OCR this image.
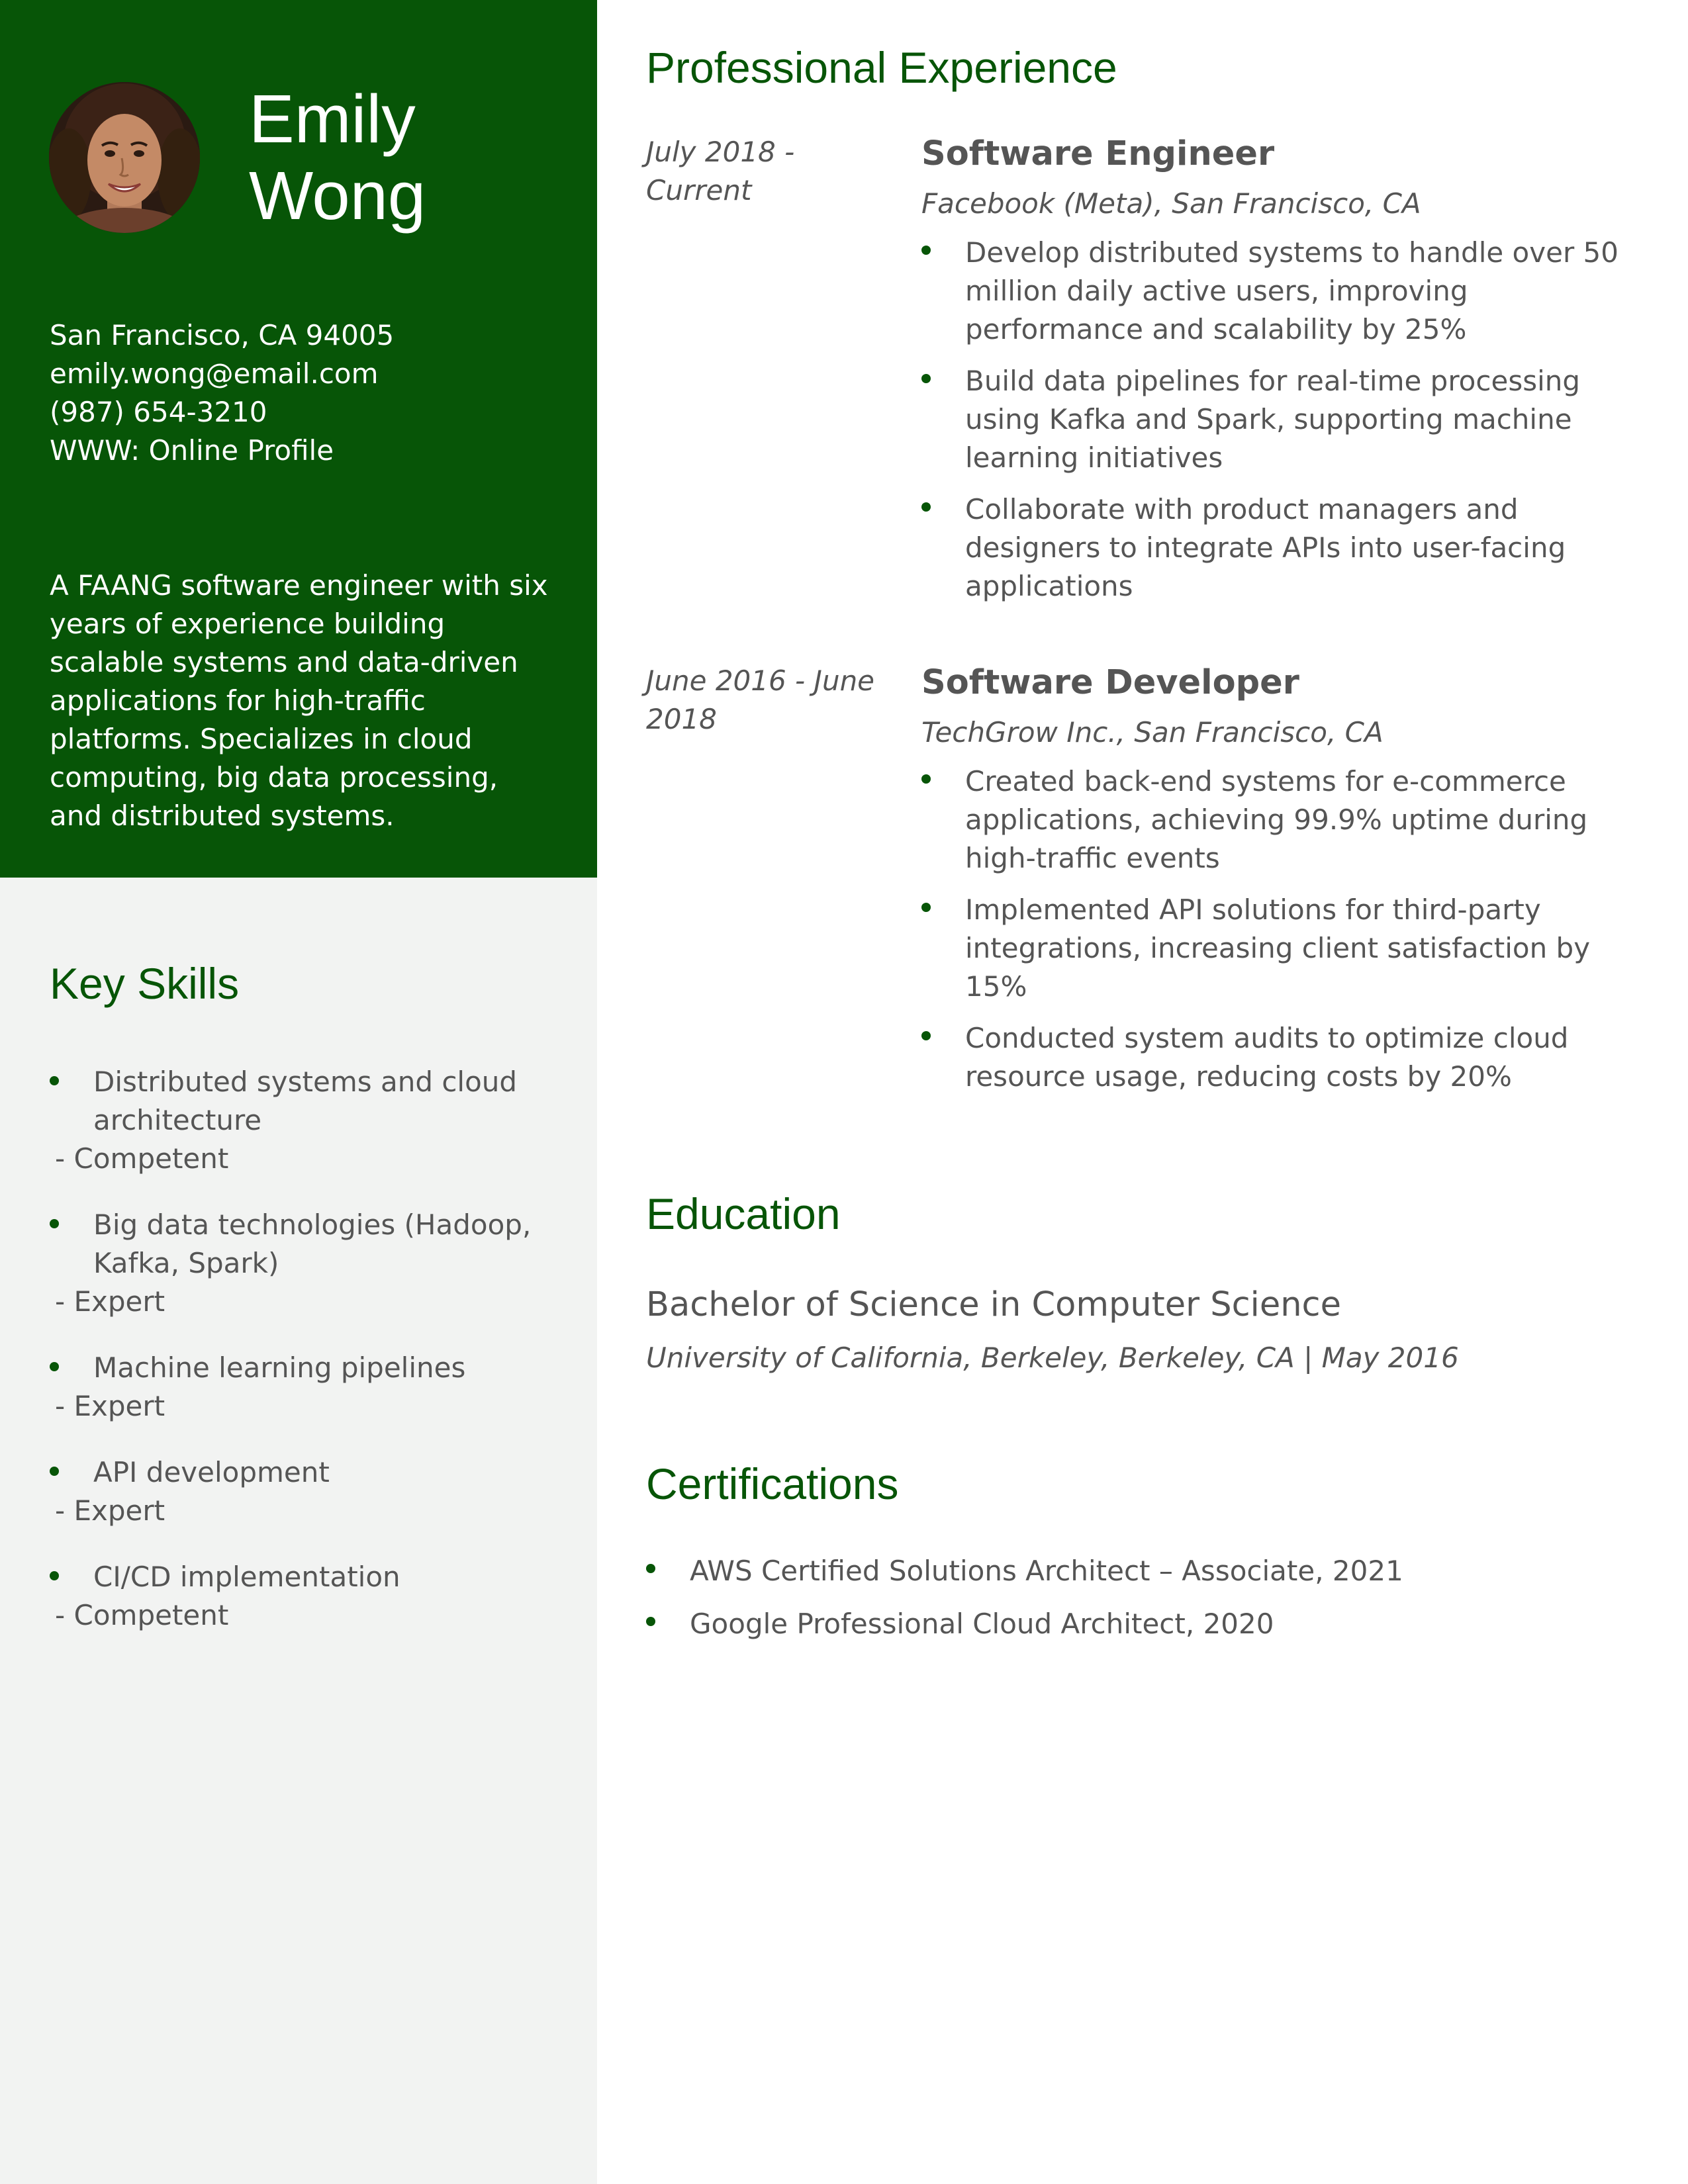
Emily
Wong
San Francisco, CA 94005
emily.wong@email.com
(987) 654-3210
WWW: Online Profile

A FAANG software engineer with six years of experience building scalable systems and data-driven applications for high-traffic platforms. Specializes in cloud computing, big data processing, and distributed systems.

Key Skills
Distributed systems and cloud architecture
- Competent
Big data technologies (Hadoop, Kafka, Spark)
- Expert
Machine learning pipelines
- Expert
API development
- Expert
CI/CD implementation
- Competent
Professional Experience
July 2018 - Current
Software Engineer
Facebook (Meta), San Francisco, CA
Develop distributed systems to handle over 50 million daily active users, improving performance and scalability by 25%
Build data pipelines for real-time processing using Kafka and Spark, supporting machine learning initiatives
Collaborate with product managers and designers to integrate APIs into user-facing applications
June 2016 - June 2018
Software Developer
TechGrow Inc., San Francisco, CA
Created back-end systems for e-commerce applications, achieving 99.9% uptime during high-traffic events
Implemented API solutions for third-party integrations, increasing client satisfaction by 15%
Conducted system audits to optimize cloud resource usage, reducing costs by 20%
Education
Bachelor of Science in Computer Science
University of California, Berkeley, Berkeley, CA | May 2016
Certifications
AWS Certified Solutions Architect – Associate, 2021
Google Professional Cloud Architect, 2020
